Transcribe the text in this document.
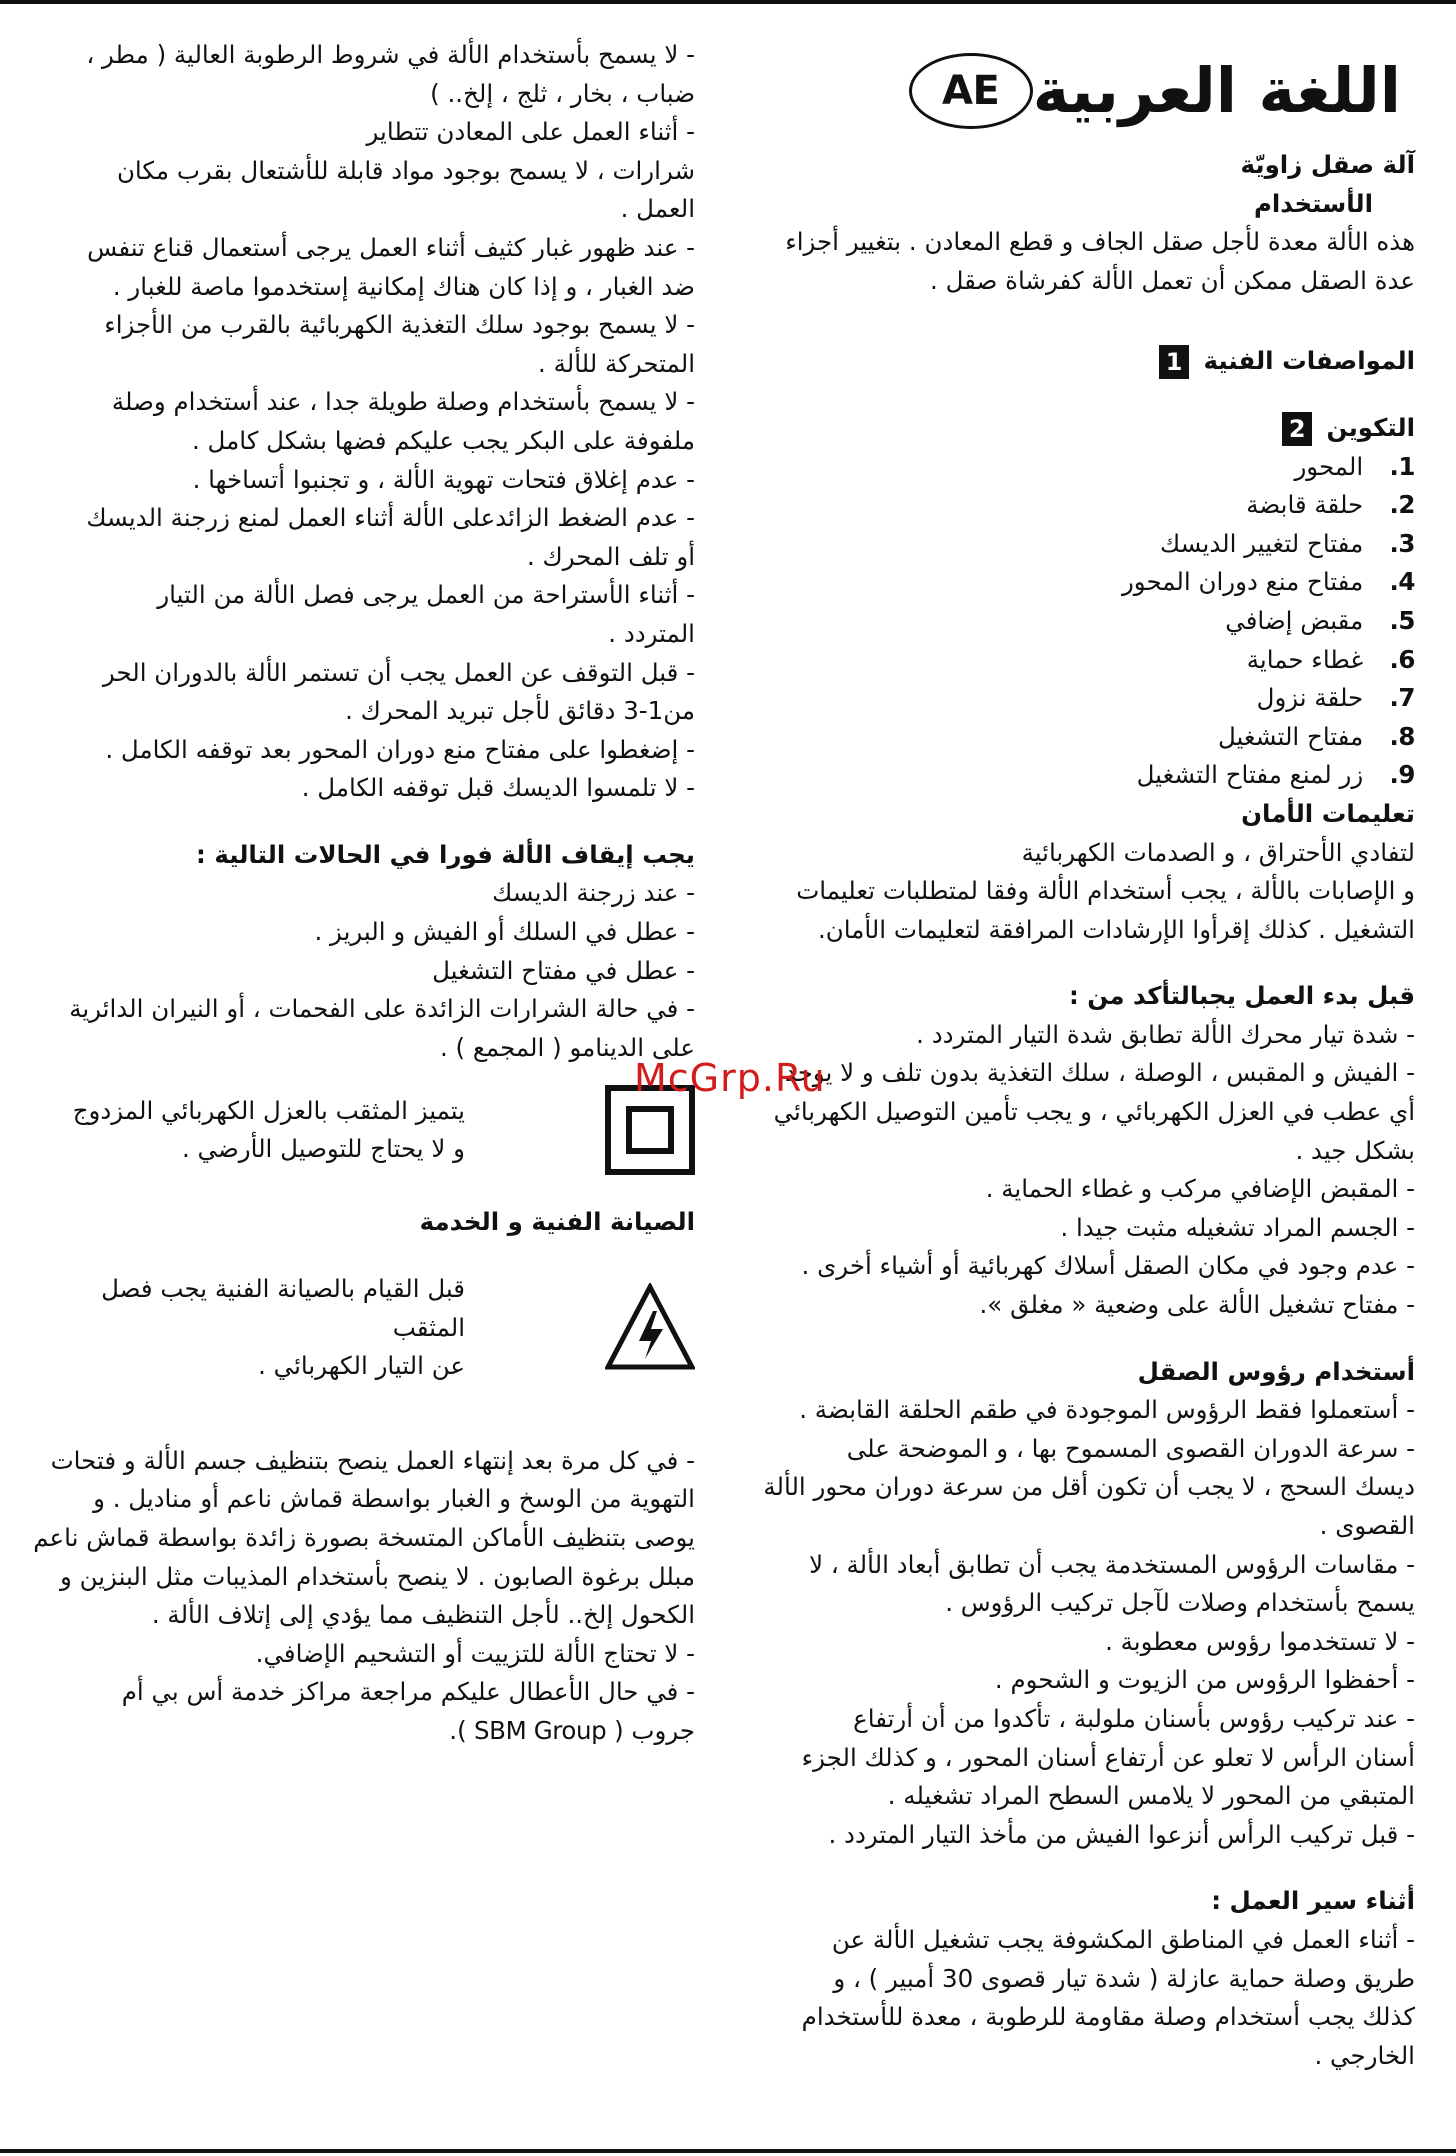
اللغة العربية
AE
آلة صقل زاويّة
الأستخدام
هذه الألة معدة لأجل صقل الجاف و قطع المعادن . بتغيير أجزاء
عدة الصقل ممكن أن تعمل الألة كفرشاة صقل .
المواصفات الفنية 1
التكوين 2
.1 المحور
.2 حلقة قابضة
.3 مفتاح لتغيير الديسك
.4 مفتاح منع دوران المحور
.5 مقبض إضافي
.6 غطاء حماية
.7 حلقة نزول
.8 مفتاح التشغيل
.9 زر لمنع مفتاح التشغيل
تعليمات الأمان
لتفادي الأحتراق ، و الصدمات الكهربائية
و الإصابات بالألة ، يجب أستخدام الألة وفقا لمتطلبات تعليمات
التشغيل . كذلك إقرأوا الإرشادات المرافقة لتعليمات الأمان.
قبل بدء العمل يجبالتأكد من :
- شدة تيار محرك الألة تطابق شدة التيار المتردد .
- الفيش و المقبس ، الوصلة ، سلك التغذية بدون تلف و لا يوجد
أي عطب في العزل الكهربائي ، و يجب تأمين التوصيل الكهربائي
بشكل جيد .
- المقبض الإضافي مركب و غطاء الحماية .
- الجسم المراد تشغيله مثبت جيدا .
- عدم وجود في مكان الصقل أسلاك كهربائية أو أشياء أخرى .
- مفتاح تشغيل الألة على وضعية « مغلق ».
أستخدام رؤوس الصقل
- أستعملوا فقط الرؤوس الموجودة في طقم الحلقة القابضة .
- سرعة الدوران القصوى المسموح بها ، و الموضحة على
ديسك السحج ، لا يجب أن تكون أقل من سرعة دوران محور الألة
القصوى .
- مقاسات الرؤوس المستخدمة يجب أن تطابق أبعاد الألة ، لا
يسمح بأستخدام وصلات لآجل تركيب الرؤوس .
- لا تستخدموا رؤوس معطوبة .
- أحفظوا الرؤوس من الزيوت و الشحوم .
- عند تركيب رؤوس بأسنان ملولبة ، تأكدوا من أن أرتفاع
أسنان الرأس لا تعلو عن أرتفاع أسنان المحور ، و كذلك الجزء
المتبقي من المحور لا يلامس السطح المراد تشغيله .
- قبل تركيب الرأس أنزعوا الفيش من مأخذ التيار المتردد .
أثناء سير العمل :
- أثناء العمل في المناطق المكشوفة يجب تشغيل الألة عن
طريق وصلة حماية عازلة ( شدة تيار قصوى 30 أمبير ) ، و
كذلك يجب أستخدام وصلة مقاومة للرطوبة ، معدة للأستخدام
الخارجي .
- لا يسمح بأستخدام الألة في شروط الرطوبة العالية ( مطر ،
ضباب ، بخار ، ثلج ، إلخ.. )
- أثناء العمل على المعادن تتطاير
شرارات ، لا يسمح بوجود مواد قابلة للأشتعال بقرب مكان
العمل .
- عند ظهور غبار كثيف أثناء العمل يرجى أستعمال قناع تنفس
ضد الغبار ، و إذا كان هناك إمكانية إستخدموا ماصة للغبار .
- لا يسمح بوجود سلك التغذية الكهربائية بالقرب من الأجزاء
المتحركة للألة .
- لا يسمح بأستخدام وصلة طويلة جدا ، عند أستخدام وصلة
ملفوفة على البكر يجب عليكم فضها بشكل كامل .
- عدم إغلاق فتحات تهوية الألة ، و تجنبوا أتساخها .
- عدم الضغط الزائدعلى الألة أثناء العمل لمنع زرجنة الديسك
أو تلف المحرك .
- أثناء الأستراحة من العمل يرجى فصل الألة من التيار
المتردد .
- قبل التوقف عن العمل يجب أن تستمر الألة بالدوران الحر
من1-3 دقائق لأجل تبريد المحرك .
- إضغطوا على مفتاح منع دوران المحور بعد توقفه الكامل .
- لا تلمسوا الديسك قبل توقفه الكامل .
يجب إيقاف الألة فورا في الحالات التالية :
- عند زرجنة الديسك
- عطل في السلك أو الفيش و البريز .
- عطل في مفتاح التشغيل
- في حالة الشرارات الزائدة على الفحمات ، أو النيران الدائرية
على الدينامو ( المجمع ) .
يتميز المثقب بالعزل الكهربائي المزدوج
و لا يحتاج للتوصيل الأرضي .
الصيانة الفنية و الخدمة
قبل القيام بالصيانة الفنية يجب فصل المثقب
عن التيار الكهربائي .
- في كل مرة بعد إنتهاء العمل ينصح بتنظيف جسم الألة و فتحات
التهوية من الوسخ و الغبار بواسطة قماش ناعم أو مناديل . و
يوصى بتنظيف الأماكن المتسخة بصورة زائدة بواسطة قماش ناعم
مبلل برغوة الصابون . لا ينصح بأستخدام المذيبات مثل البنزين و
الكحول إلخ.. لأجل التنظيف مما يؤدي إلى إتلاف الألة .
- لا تحتاج الألة للتزييت أو التشحيم الإضافي.
- في حال الأعطال عليكم مراجعة مراكز خدمة أس بي أم
جروب ( SBM Group ).
McGrp.Ru
